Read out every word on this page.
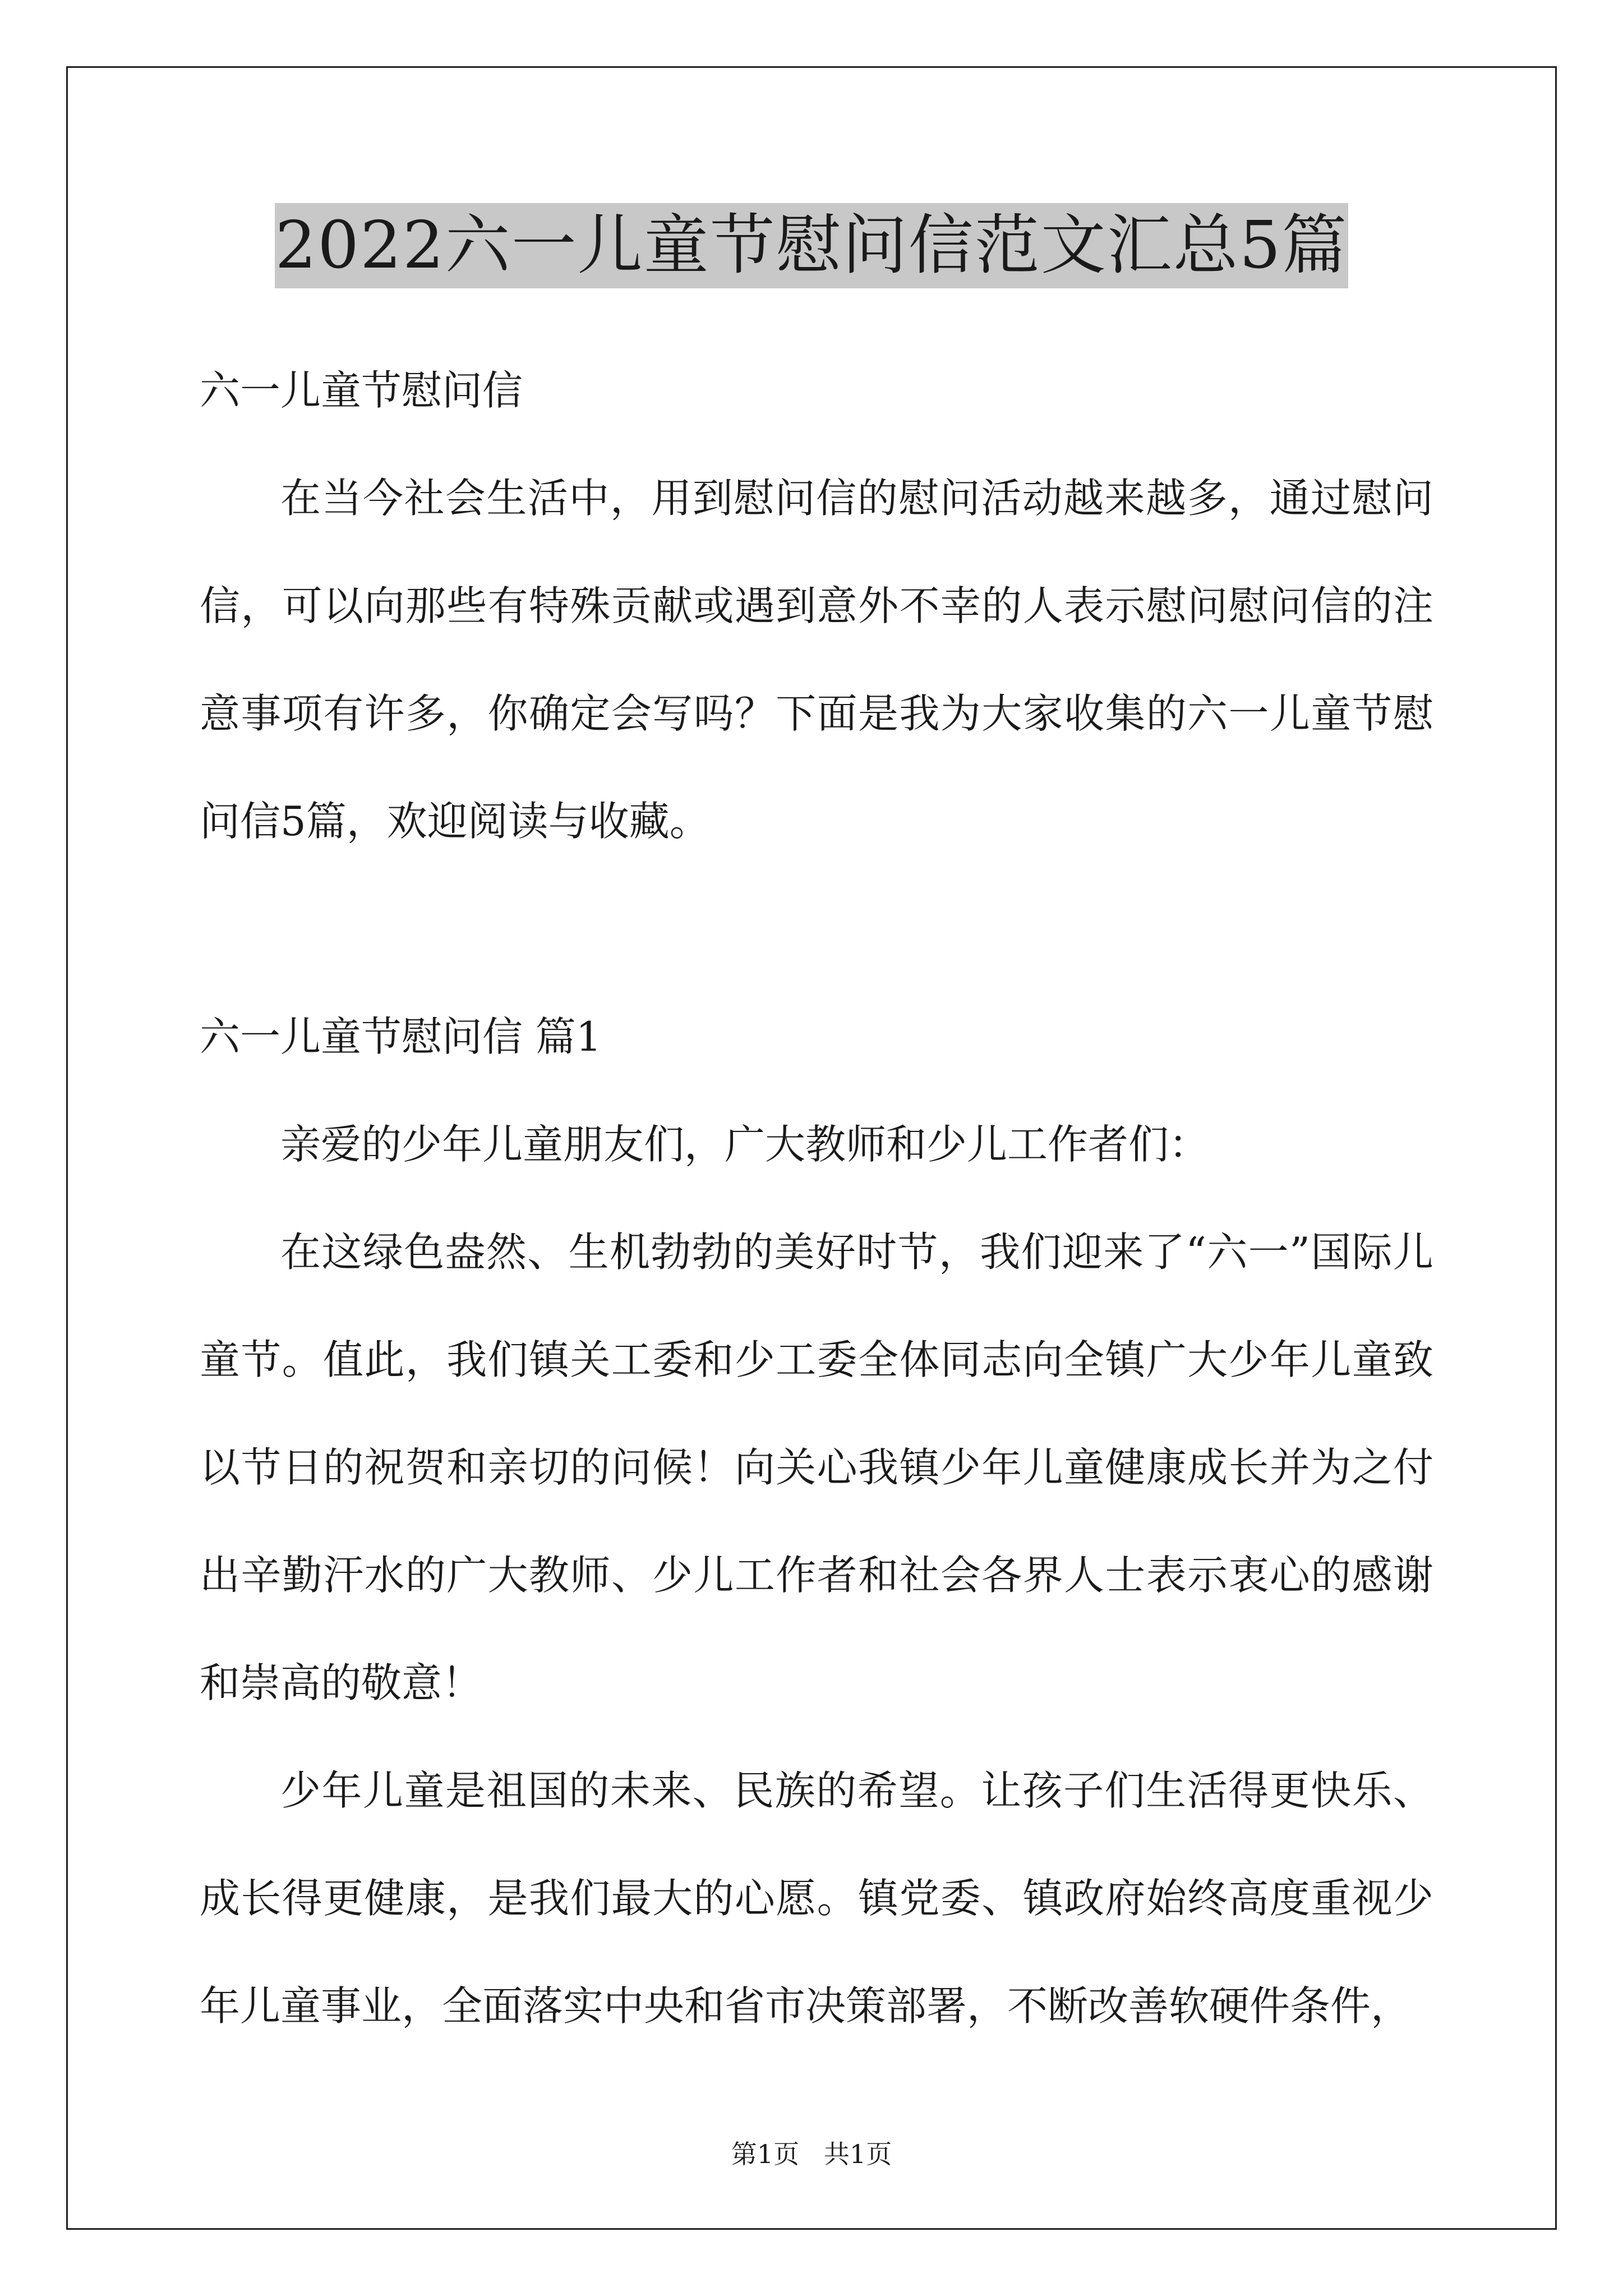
2022六一儿童节慰问信范文汇总5篇

六一儿童节慰问信

在当今社会生活中，用到慰问信的慰问活动越来越多，通过慰问信，可以向那些有特殊贡献或遇到意外不幸的人表示慰问慰问信的注意事项有许多，你确定会写吗？下面是我为大家收集的六一儿童节慰问信5篇，欢迎阅读与收藏。

六一儿童节慰问信 篇1

亲爱的少年儿童朋友们，广大教师和少儿工作者们：

在这绿色盎然、生机勃勃的美好时节，我们迎来了“六一”国际儿童节。值此，我们镇关工委和少工委全体同志向全镇广大少年儿童致以节日的祝贺和亲切的问候！向关心我镇少年儿童健康成长并为之付出辛勤汗水的广大教师、少儿工作者和社会各界人士表示衷心的感谢和崇高的敬意！

少年儿童是祖国的未来、民族的希望。让孩子们生活得更快乐、成长得更健康，是我们最大的心愿。镇党委、镇政府始终高度重视少年儿童事业，全面落实中央和省市决策部署，不断改善软硬件条件，

第1页   共1页
